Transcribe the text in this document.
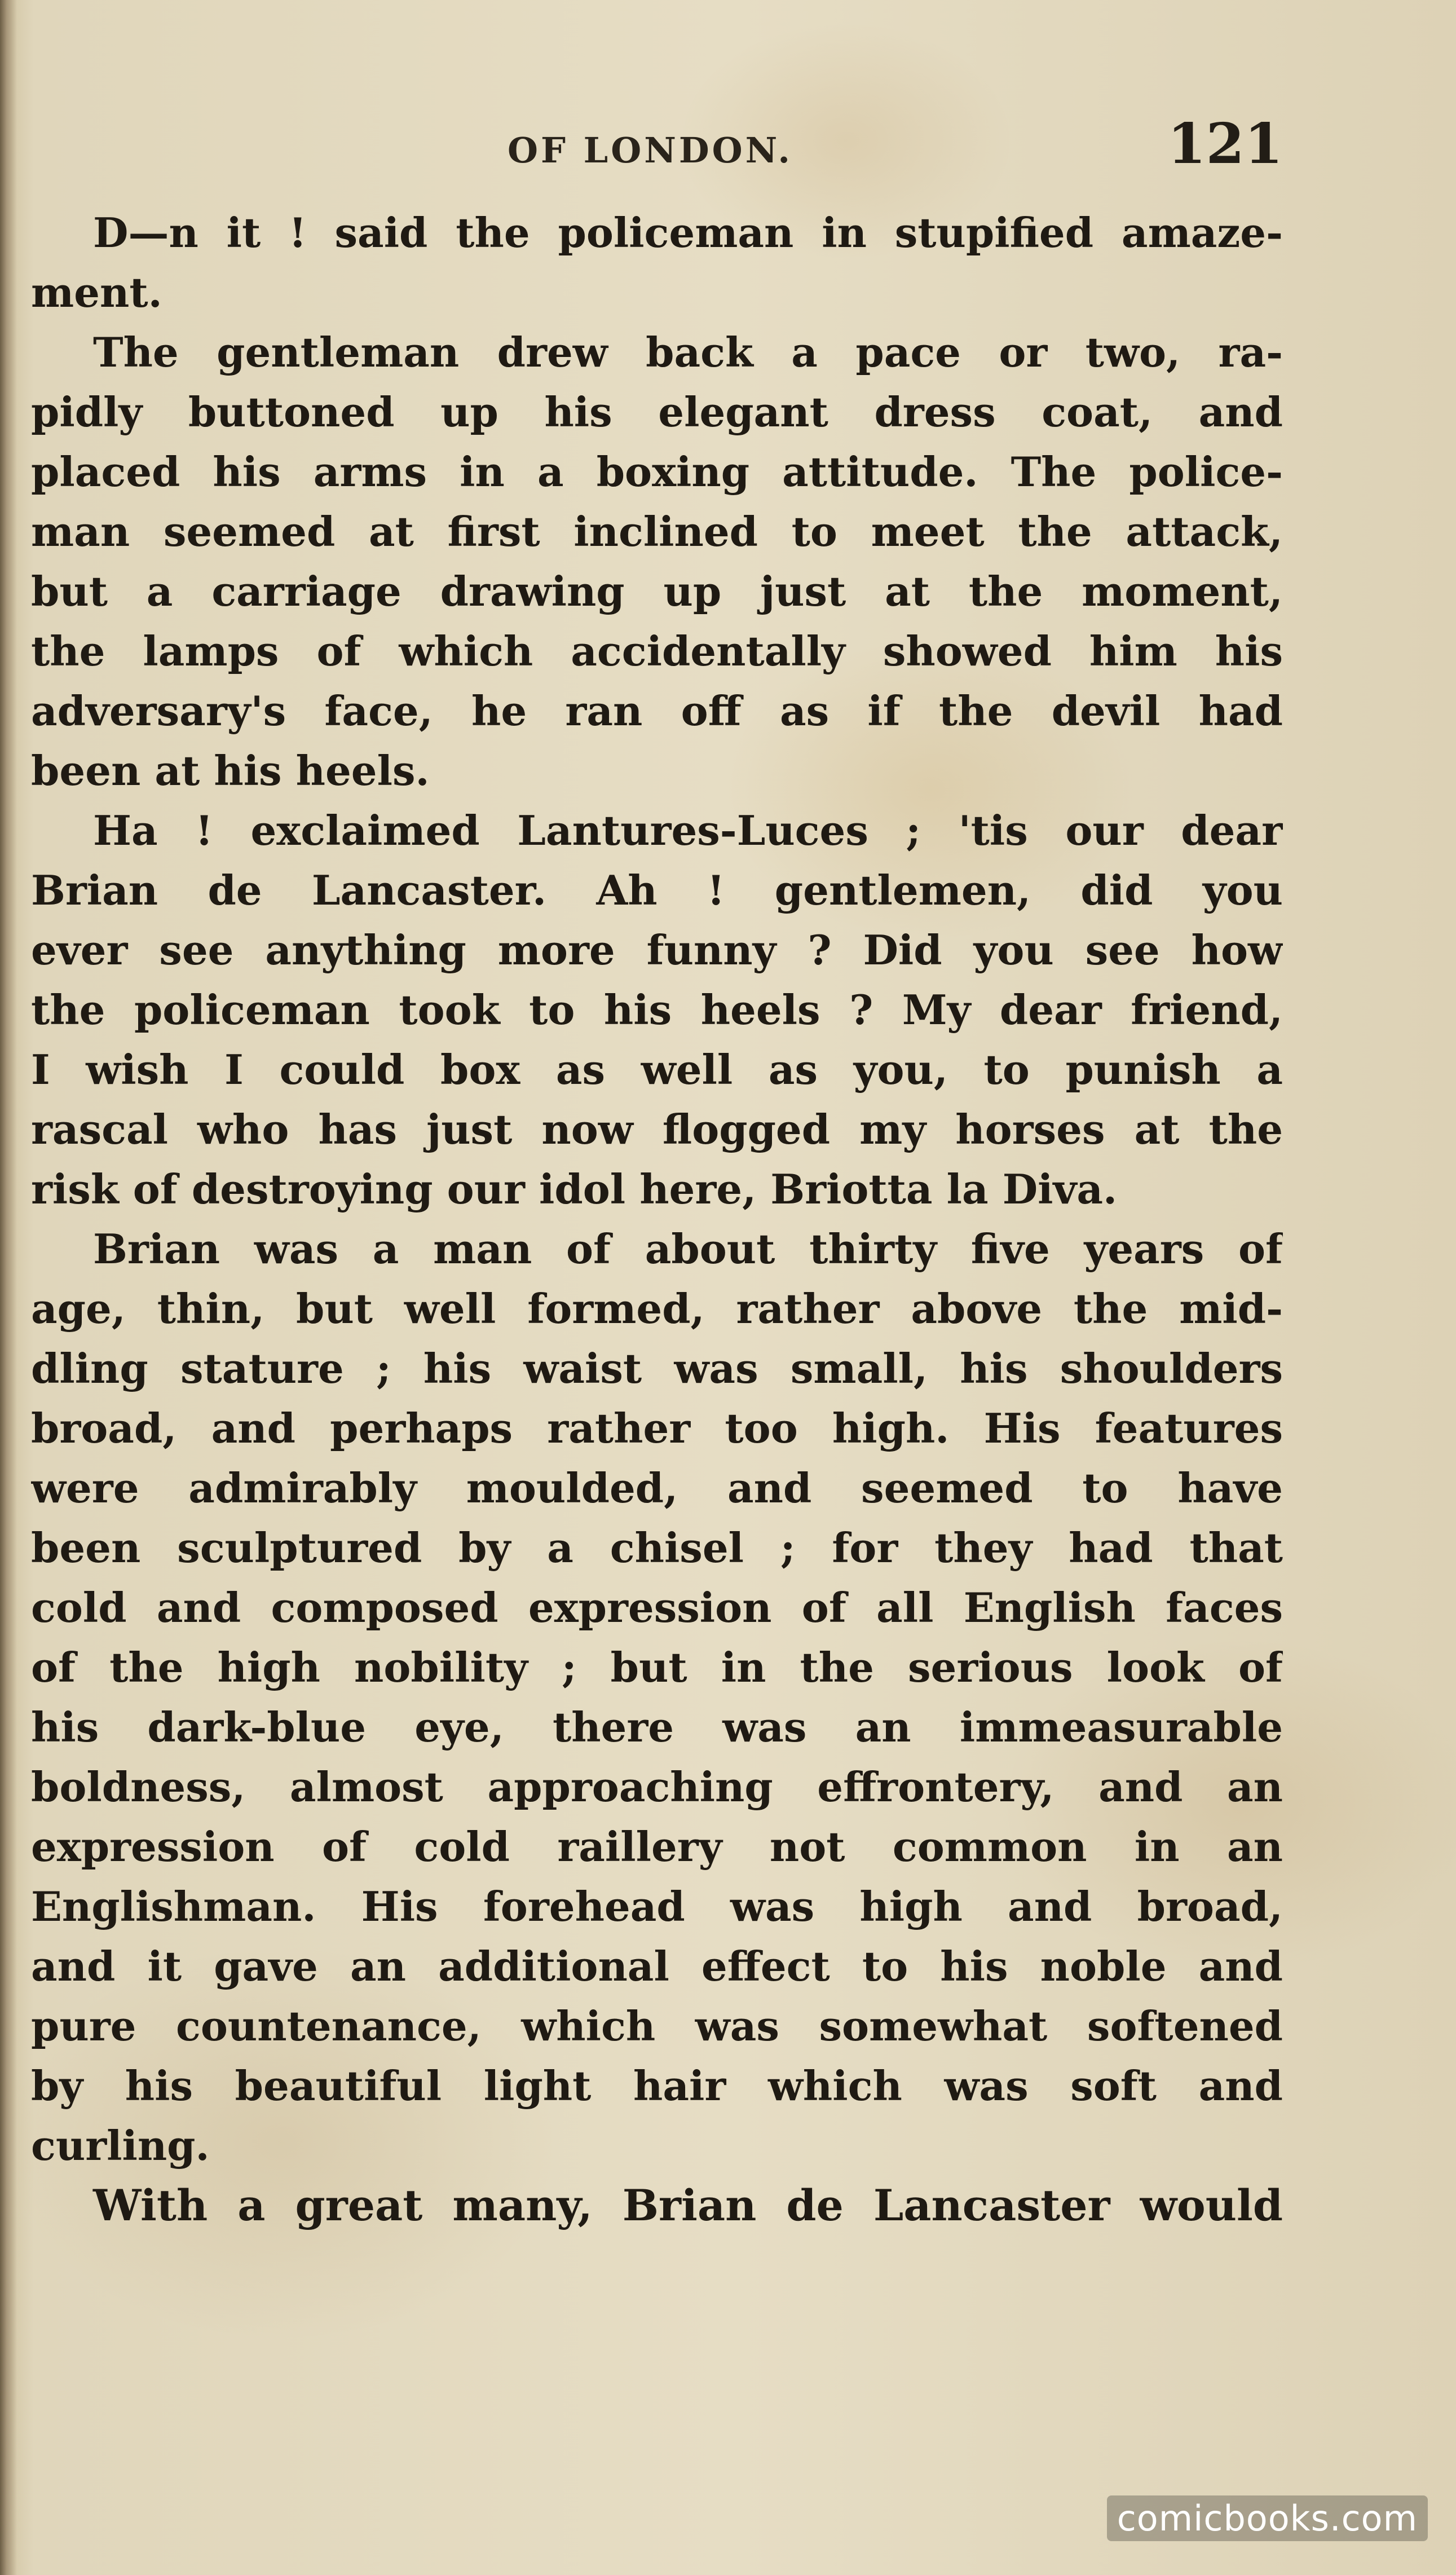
OF LONDON.	121
D—n it ! said the policeman in stupified amaze-
ment.
The gentleman drew back a pace or two, ra-
pidly buttoned up his elegant dress coat, and
placed his arms in a boxing attitude. The police-
man seemed at first inclined to meet the attack,
but a carriage drawing up just at the moment,
the lamps of which accidentally showed him his
adversary's face, he ran off as if the devil had
been at his heels.
Ha ! exclaimed Lantures-Luces ; 'tis our dear
Brian de Lancaster. Ah ! gentlemen, did you
ever see anything more funny ? Did you see how
the policeman took to his heels ? My dear friend,
I wish I could box as well as you, to punish a
rascal who has just now flogged my horses at the
risk of destroying our idol here, Briotta la Diva.
Brian was a man of about thirty five years of
age, thin, but well formed, rather above the mid-
dling stature ; his waist was small, his shoulders
broad, and perhaps rather too high. His features
were admirably moulded, and seemed to have
been sculptured by a chisel ; for they had that
cold and composed expression of all English faces
of the high nobility ; but in the serious look of
his dark-blue eye, there was an immeasurable
boldness, almost approaching effrontery, and an
expression of cold raillery not common in an
Englishman. His forehead was high and broad,
and it gave an additional effect to his noble and
pure countenance, which was somewhat softened
by his beautiful light hair which was soft and
curling.
With a great many, Brian de Lancaster would
comicbooks.com
